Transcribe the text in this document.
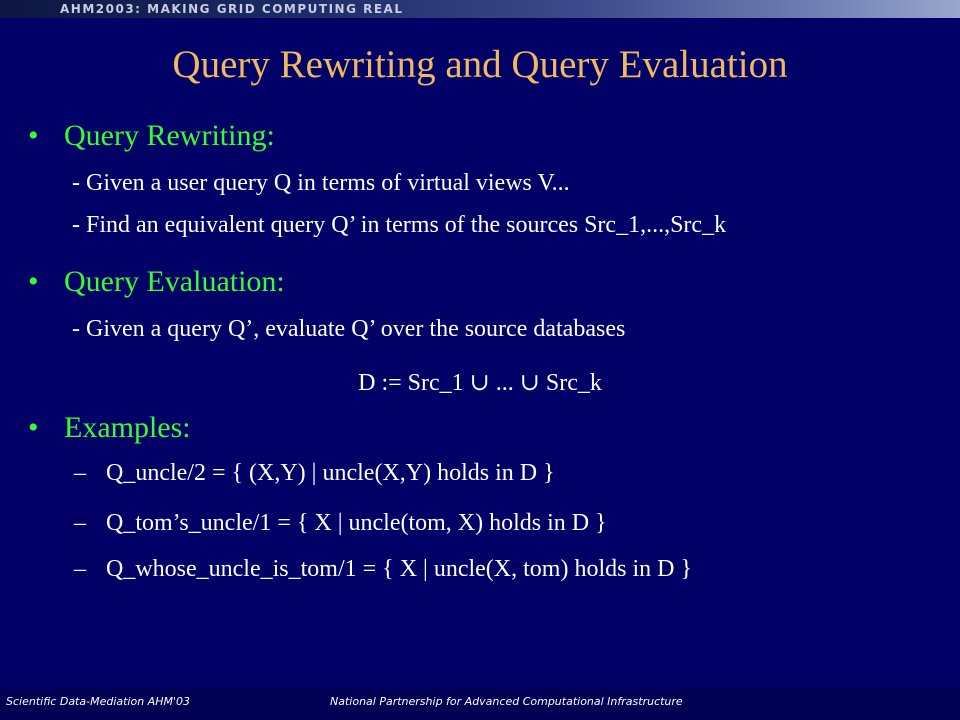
AHM2003: MAKING GRID COMPUTING REAL
Query Rewriting and Query Evaluation
• Query Rewriting:
- Given a user query Q in terms of virtual views V...
- Find an equivalent query Q’ in terms of the sources Src_1,...,Src_k
• Query Evaluation:
- Given a query Q’, evaluate Q’ over the source databases
D := Src_1 ∪ ... ∪ Src_k
• Examples:
– Q_uncle/2 = { (X,Y) | uncle(X,Y) holds in D }
– Q_tom’s_uncle/1 = { X | uncle(tom, X) holds in D }
– Q_whose_uncle_is_tom/1 = { X | uncle(X, tom) holds in D }
Scientific Data-Mediation AHM'03	National Partnership for Advanced Computational Infrastructure
